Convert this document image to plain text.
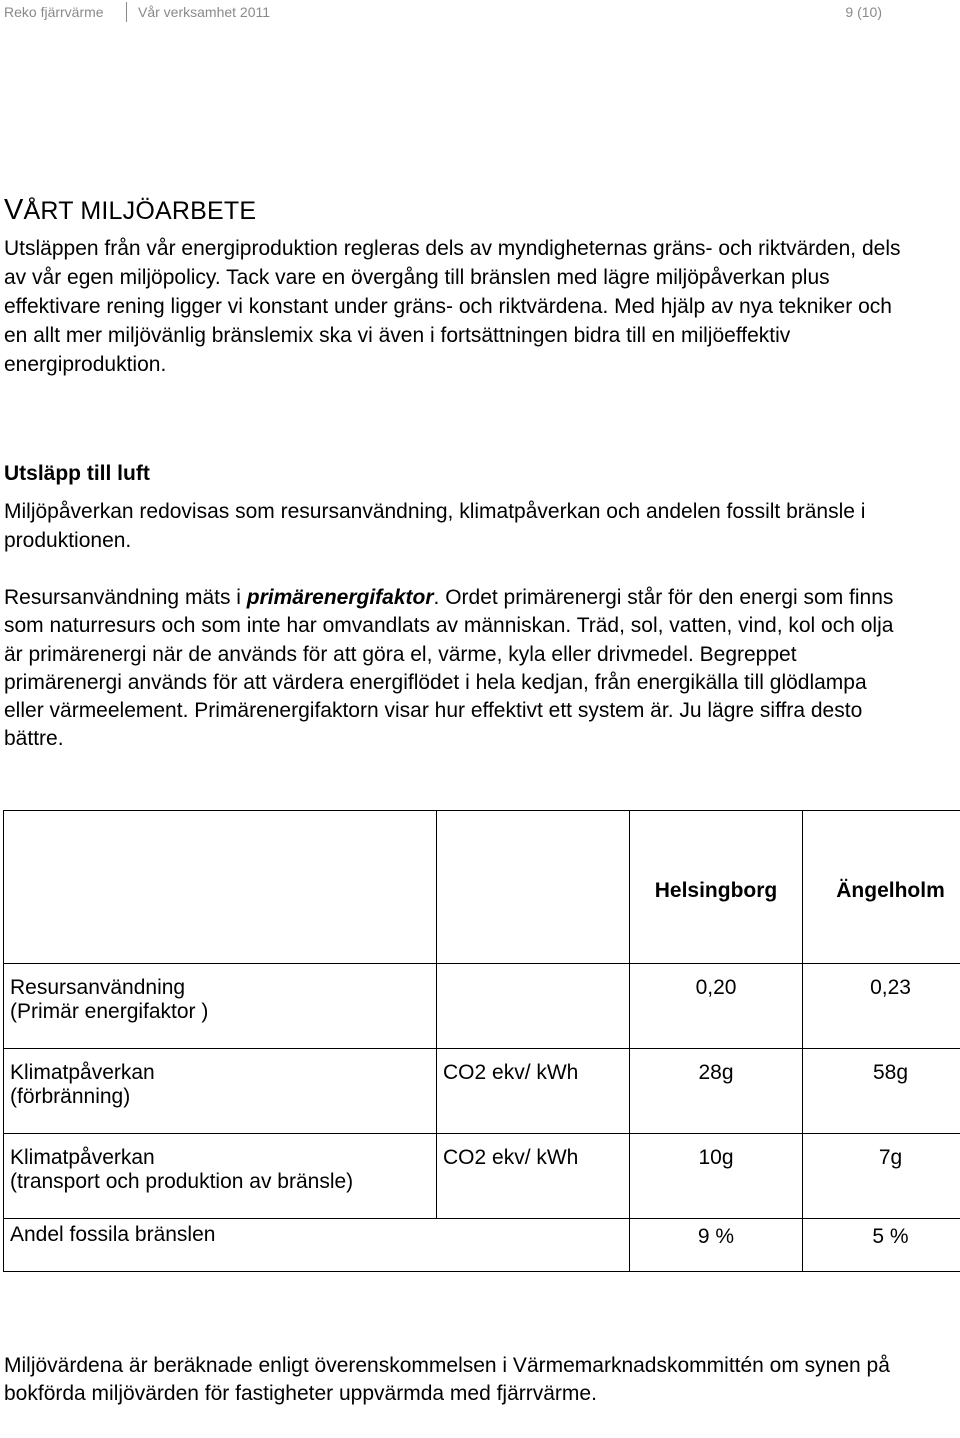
Reko fjärrvärme Vår verksamhet 2011	9 (10)
VÅRT MILJÖARBETE

Utsläppen från vår energiproduktion regleras dels av myndigheternas gräns- och riktvärden, dels av vår egen miljöpolicy. Tack vare en övergång till bränslen med lägre miljöpåverkan plus effektivare rening ligger vi konstant under gräns- och riktvärdena. Med hjälp av nya tekniker och en allt mer miljövänlig bränslemix ska vi även i fortsättningen bidra till en miljöeffektiv energiproduktion.

Utsläpp till luft

Miljöpåverkan redovisas som resursanvändning, klimatpåverkan och andelen fossilt bränsle i produktionen.

Resursanvändning mäts i primärenergifaktor. Ordet primärenergi står för den energi som finns som naturresurs och som inte har omvandlats av människan. Träd, sol, vatten, vind, kol och olja är primärenergi när de används för att göra el, värme, kyla eller drivmedel. Begreppet primärenergi används för att värdera energiflödet i hela kedjan, från energikälla till glödlampa eller värmeelement. Primärenergifaktorn visar hur effektivt ett system är. Ju lägre siffra desto bättre.

		Helsingborg	Ängelholm
Resursanvändning
(Primär energifaktor )		0,20	0,23
Klimatpåverkan
(förbränning)	CO2 ekv/ kWh	28g	58g
Klimatpåverkan
(transport och produktion av bränsle)	CO2 ekv/ kWh	10g	7g
Andel fossila bränslen		9 %	5 %

Miljövärdena är beräknade enligt överenskommelsen i Värmemarknadskommittén om synen på bokförda miljövärden för fastigheter uppvärmda med fjärrvärme.
